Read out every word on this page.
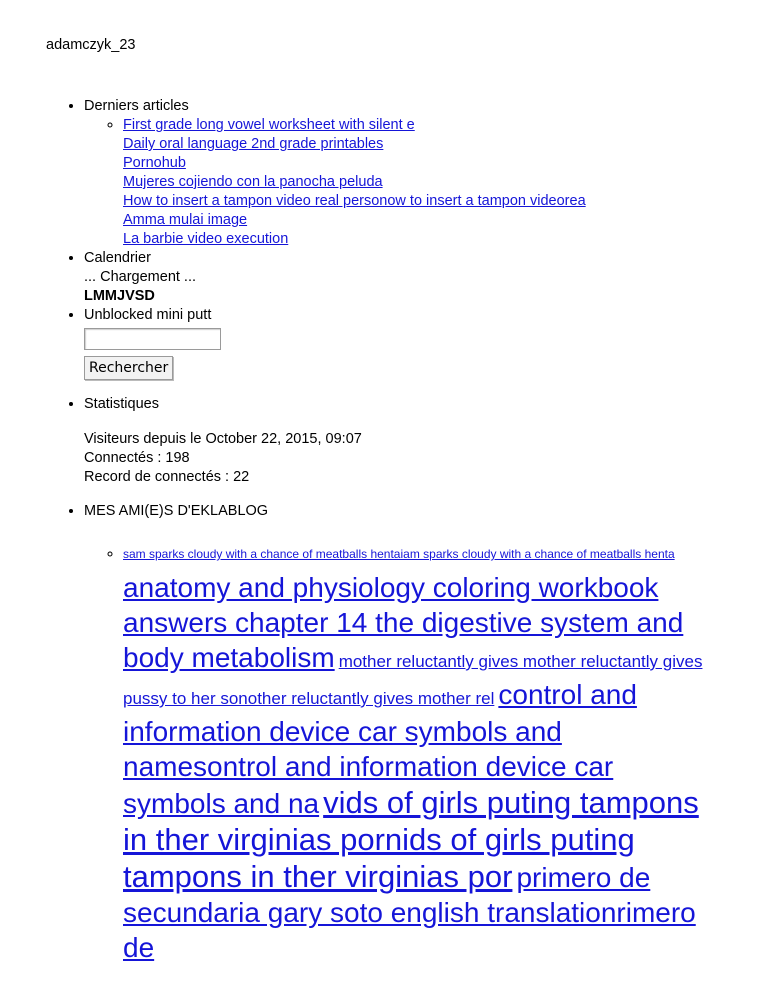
adamczyk_23
• Derniers articles
◦ First grade long vowel worksheet with silent e
Daily oral language 2nd grade printables
Pornohub
Mujeres cojiendo con la panocha peluda
How to insert a tampon video real personow to insert a tampon videorea
Amma mulai image
La barbie video execution
• Calendrier
... Chargement ...
LMMJVSD
• Unblocked mini putt
Rechercher
• Statistiques
Visiteurs depuis le October 22, 2015, 09:07
Connectés : 198
Record de connectés : 22
• MES AMI(E)S D'EKLABLOG
◦ sam sparks cloudy with a chance of meatballs hentaiam sparks cloudy with a chance of meatballs henta anatomy and physiology coloring workbook answers chapter 14 the digestive system and body metabolism mother reluctantly gives mother reluctantly gives pussy to her sonother reluctantly gives mother rel control and information device car symbols and namesontrol and information device car symbols and na vids of girls puting tampons in ther virginias pornids of girls puting tampons in ther virginias por primero de secundaria gary soto english translationrimero de
